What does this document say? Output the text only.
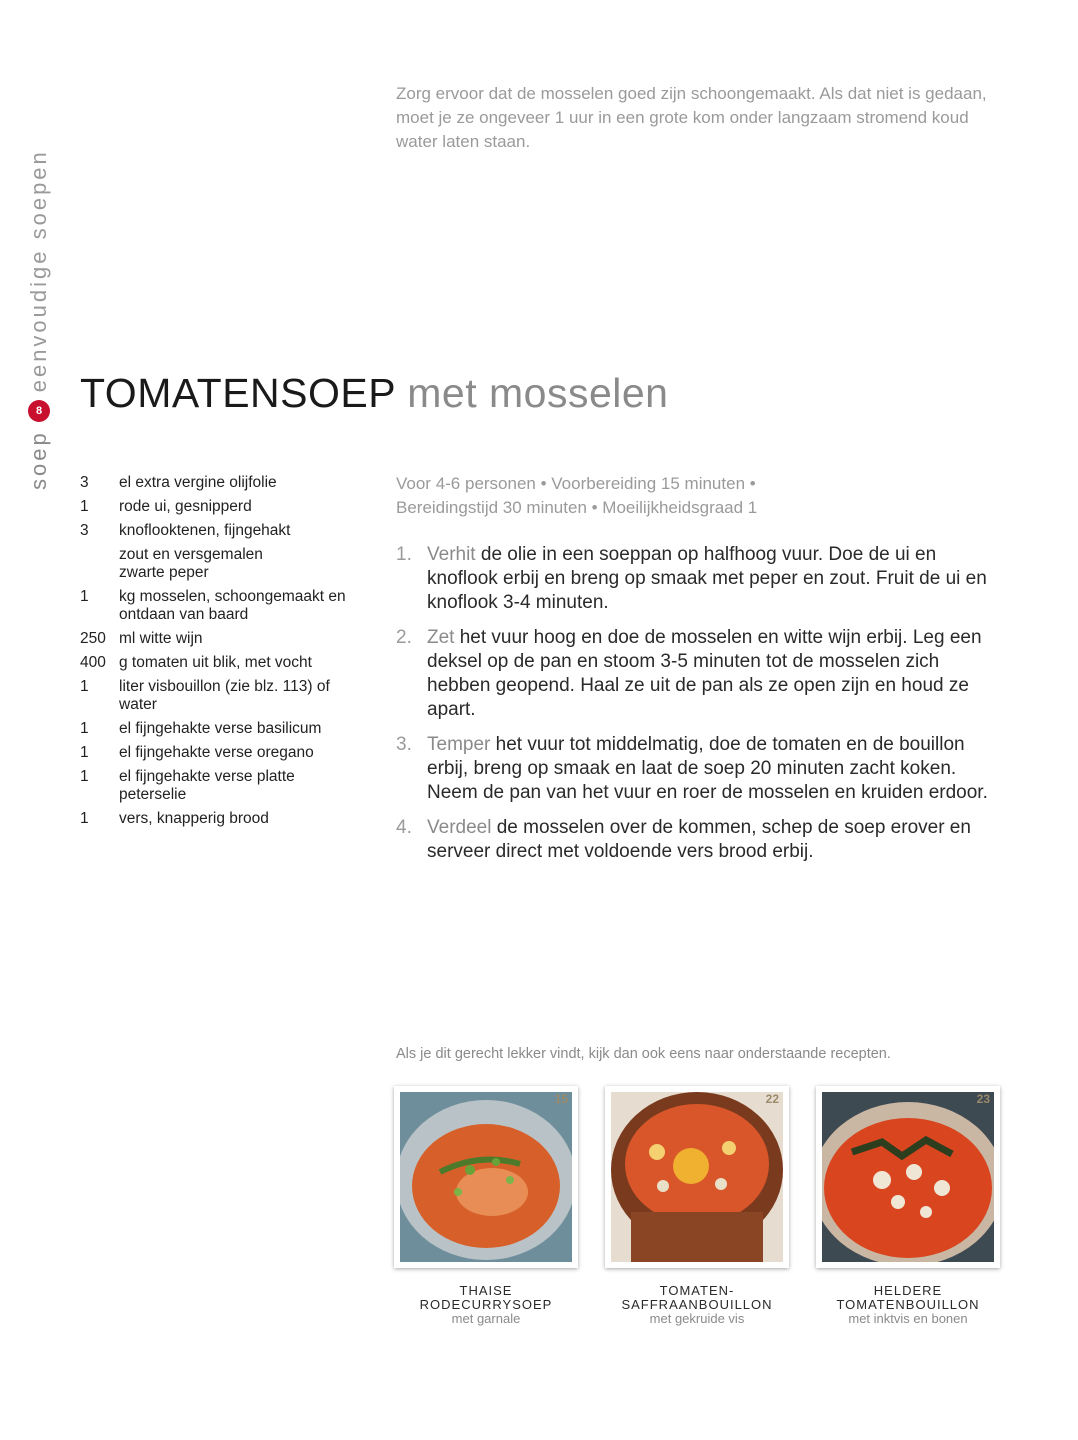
soep
8
eenvoudige soepen
Zorg ervoor dat de mosselen goed zijn schoongemaakt. Als dat niet is gedaan, moet je ze ongeveer 1 uur in een grote kom onder langzaam stromend koud water laten staan.
TOMATENSOEP met mosselen
3	el extra vergine olijfolie
1	rode ui, gesnipperd
3	knoflooktenen, fijngehakt
zout en versgemalen zwarte peper
1	kg mosselen, schoongemaakt en ontdaan van baard
250 ml witte wijn
400 g tomaten uit blik, met vocht
1	liter visbouillon (zie blz. 113) of water
1	el fijngehakte verse basilicum
1	el fijngehakte verse oregano
1	el fijngehakte verse platte peterselie
1	vers, knapperig brood
Voor 4-6 personen • Voorbereiding 15 minuten •
Bereidingstijd 30 minuten • Moeilijkheidsgraad 1
1. Verhit de olie in een soeppan op halfhoog vuur. Doe de ui en knoflook erbij en breng op smaak met peper en zout. Fruit de ui en knoflook 3-4 minuten.
2. Zet het vuur hoog en doe de mosselen en witte wijn erbij. Leg een deksel op de pan en stoom 3-5 minuten tot de mosselen zich hebben geopend. Haal ze uit de pan als ze open zijn en houd ze apart.
3. Temper het vuur tot middelmatig, doe de tomaten en de bouillon erbij, breng op smaak en laat de soep 20 minuten zacht koken. Neem de pan van het vuur en roer de mosselen en kruiden erdoor.
4. Verdeel de mosselen over de kommen, schep de soep erover en serveer direct met voldoende vers brood erbij.
Als je dit gerecht lekker vindt, kijk dan ook eens naar onderstaande recepten.
15
THAISE
RODECURRYSOEP
met garnale
22
TOMATEN-
SAFFRAANBOUILLON
met gekruide vis
23
HELDERE
TOMATENBOUILLON
met inktvis en bonen
